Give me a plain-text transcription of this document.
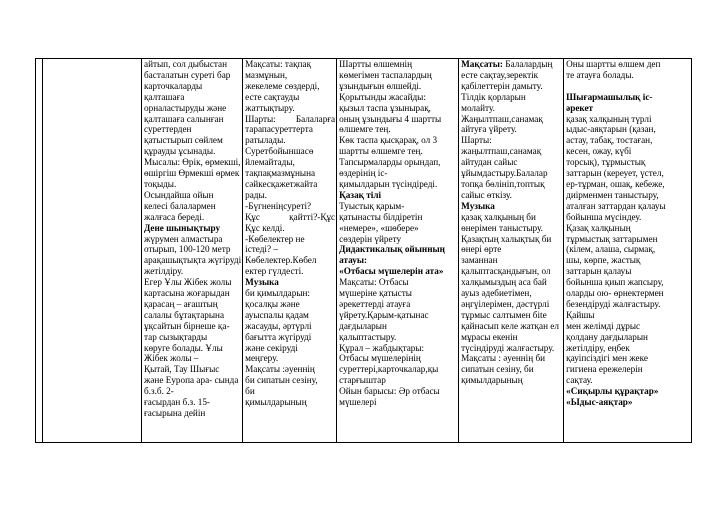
айтып, сол дыбыстан
басталатын суреті бар
карточкаларды
қалташаға
орналастыруды және
қалташаға салынған
суреттерден
қатыстырып сөйлем
құрауды ұсынады.
Мысалы: Өрік, өрмекші,
өшіргіш Өрмекші өрмек
тоқыды.
Осындайша ойын
келесі балалармен
жалғаса береді.
Дене шынықтыру
жүрумен алмастыра
отырып, 100-120 метр
арақашықтықта жүгіруді
жетілдіру.
Егер Ұлы Жібек жолы
картасына жоғарыдан
қарасаң – ағаштың
салалы бұтақтарына
ұқсайтын бірнеше қа-
тар сызықтарды
көруге болады. Ұлы
Жібек жолы –
Қытай, Тау Шығыс
және Еуропа ара- сында
б.з.б. 2-
ғасырдан б.з. 15-
ғасырына дейін

Мақсаты: тақпақ
мазмұнын,
жекелеме сөздерді,
есте сақтауды
жаттықтыру.
Шарты: Балаларға
тарапасуреттерта
ратылады.
Суретбойыншасө
йлемайтады,
тақпақмазмұнына
сәйкесқажетжайта
рады.
-Бүгненіңсуреті?
Құс қайтті?-Құс
Құс келді.
-Көбелектер не
істеді? –
Көбелектер.Көбел
ектер гүлдесті.
Музыка
би қимылдарын:
қосалқы және
ауыспалы қадам
жасауды, әртүрлі
бағытта жүгіруді
және секіруді
меңгеру.
Мақсаты :әуеннің
би сипатын сезіну,
би
қимылдарының

Шартты өлшемнің
көмегімен таспалардың
ұзындығын өлшейді.
Қорытынды жасайды:
қызыл таспа ұзынырақ,
оның ұзындығы 4 шартты
өлшемге тең.
Көк таспа қысқарақ, ол 3
шартты өлшемге тең.
Тапсырмаларды орындап,
өздерінің іс-
қимылдарын түсіндіреді.
Қазақ тілі
Туыстық қарым-
қатынасты білдіретін
«немере», «шөбере»
сөздерін үйрету
Дидактикалық ойынның
атауы:
«Отбасы мүшелерін ата»
Мақсаты: Отбасы
мүшеріне қатысты
әрекеттерді атауға
үйрету.Қарым-қатынас
дағдыларын
қалыптастыру.
Құрал – жабдықтары:
Отбасы мүшелерінің
суреттері,карточкалар,қы
старғыштар
Ойын барысы: Әр отбасы
мүшелері

Мақсаты: Балалардың
есте сақтау,зеректік
қабілеттерін дамыту.
Тілдік қорларын
молайту.
Жаңылтпаш,санамақ
айтуға үйрету.
Шарты:
жаңылтпаш,санамақ
айтудан сайыс
ұйымдастыру.Балалар
топқа бөлініп,топтық
сайыс өткізу.
Музыка
қазақ халқының би
өнерімен таныстыру.
Қазақтың халықтық би
өнері өрте
заманнан
қалыптасқандығын, ол
халқымыздың аса бай
ауыз әдебиетімен,
әңгүілерімен, дәстүрлі
тұрмыс салтымен бite
қайнасып келе жатқан ел
мұрасы екенін
түсіндіруді жалғастыру.
Мақсаты : әуеннің би
сипатын сезіну, би
қимылдарының

Оны шартты өлшем деп
те атауға болады.

Шығармашылық іс-
әрекет
қазақ халқының түрлі
ыдыс-аяқтарын (қазан,
астау, табақ, тостаған,
кесен, ожау, күбі
торсық), тұрмыстық
заттарын (кереует, үстел,
ер-тұрман, ошақ, кебеже,
диірменмен таныстыру,
аталған заттардан қалауы
бойынша мүсіндеу.
Қазақ халқының
тұрмыстық заттарымен
(кілем, алаша, сырмақ,
шы, көрпе, жастық
заттарын қалауы
бойынша қиып жапсыру,
оларды ою- өрнектермен
безендіруді жалғастыру.
Қайшы
мен желімді дұрыс
қолдану дағдыларын
жетілдіру, еңбек
қауіпсіздігі мен жеке
гигиена ережелерін
сақтау.
«Сиқырлы құрақтар»
«Ыдыс-аяқтар»
